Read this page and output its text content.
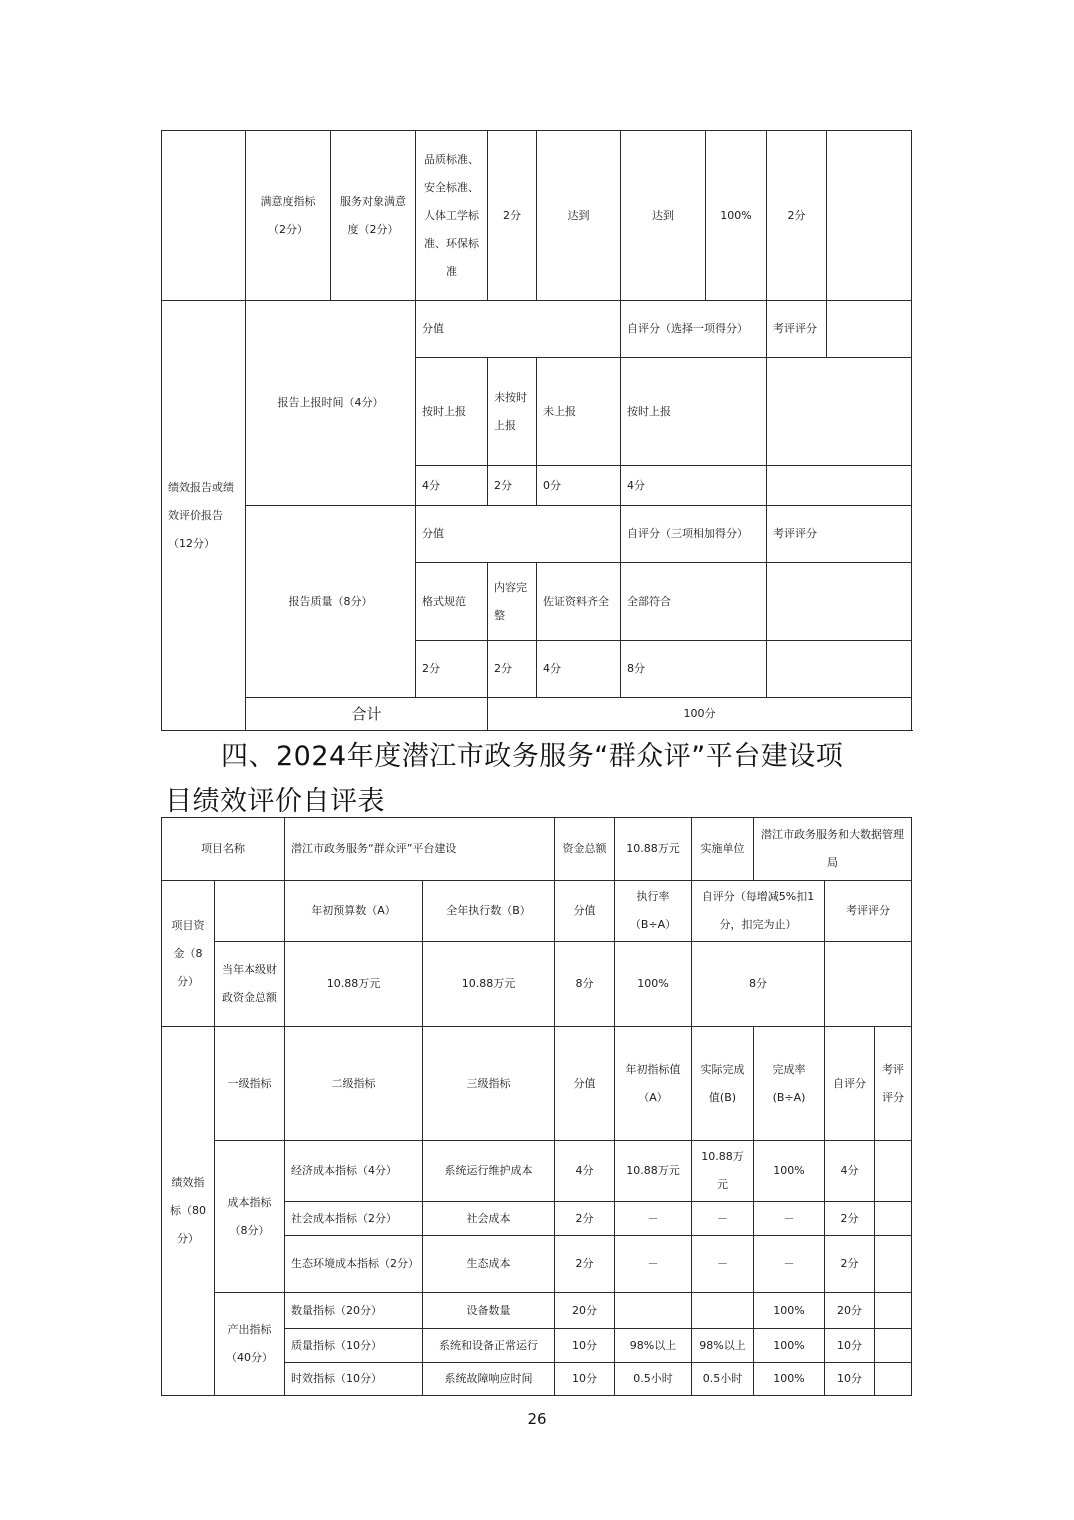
	满意度指标（2分）	服务对象满意度（2分）	品质标准、安全标准、人体工学标准、环保标准	2分	达到	达到	100%	2分	
绩效报告或绩效评价报告（12分）	报告上报时间（4分）		分值			自评分（选择一项得分）		考评评分	
			按时上报	未按时上报	未上报	按时上报			
			4分	2分	0分	4分			
	报告质量（8分）		分值			自评分（三项相加得分）		考评评分	
			格式规范	内容完整	佐证资料齐全	全部符合			
			2分	2分	4分	8分			
	合计			100分					
四、2024年度潜江市政务服务“群众评”平台建设项
目绩效评价自评表
项目名称		潜江市政务服务“群众评”平台建设		资金总额	10.88万元	实施单位	潜江市政务服务和大数据管理局		
项目资金（8分）		年初预算数（A）	全年执行数（B）	分值	执行率（B÷A）	自评分（每增减5%扣1分，扣完为止）		考评评分	
	当年本级财政资金总额	10.88万元	10.88万元	8分	100%	8分			
绩效指标（80分）	一级指标	二级指标	三级指标	分值	年初指标值（A）	实际完成值(B)	完成率(B÷A)	自评分	考评评分
	成本指标（8分）	经济成本指标（4分）	系统运行维护成本	4分	10.88万元	10.88万元	100%	4分	
		社会成本指标（2分）	社会成本	2分	－	－	－	2分	
		生态环境成本指标（2分）	生态成本	2分	－	－	－	2分	
	产出指标（40分）	数量指标（20分）	设备数量	20分			100%	20分	
		质量指标（10分）	系统和设备正常运行	10分	98%以上	98%以上	100%	10分	
		时效指标（10分）	系统故障响应时间	10分	0.5小时	0.5小时	100%	10分	
26
